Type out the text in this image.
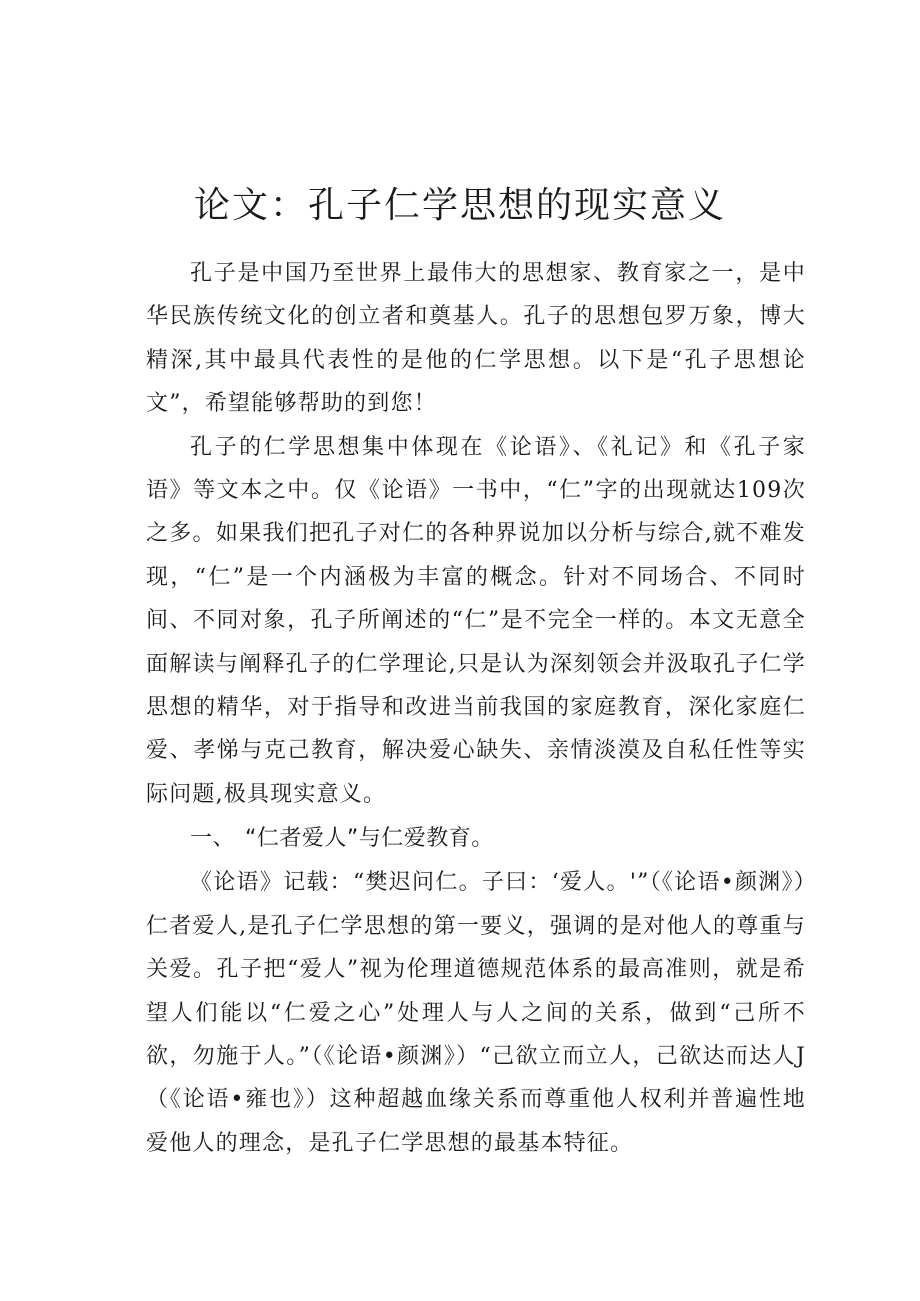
论文：孔子仁学思想的现实意义

孔子是中国乃至世界上最伟大的思想家、教育家之一，是中华民族传统文化的创立者和奠基人。孔子的思想包罗万象，博大精深,其中最具代表性的是他的仁学思想。以下是“孔子思想论文”，希望能够帮助的到您！

孔子的仁学思想集中体现在《论语》、《礼记》和《孔子家语》等文本之中。仅《论语》一书中，“仁”字的出现就达109次之多。如果我们把孔子对仁的各种界说加以分析与综合,就不难发现，“仁”是一个内涵极为丰富的概念。针对不同场合、不同时间、不同对象，孔子所阐述的“仁”是不完全一样的。本文无意全面解读与阐释孔子的仁学理论,只是认为深刻领会并汲取孔子仁学思想的精华，对于指导和改进当前我国的家庭教育，深化家庭仁爱、孝悌与克己教育，解决爱心缺失、亲情淡漠及自私任性等实际问题,极具现实意义。

一、 “仁者爱人”与仁爱教育。

《论语》记载：“樊迟问仁。子曰：‘爱人。'”（《论语•颜渊》）仁者爱人,是孔子仁学思想的第一要义，强调的是对他人的尊重与关爱。孔子把“爱人”视为伦理道德规范体系的最高准则，就是希望人们能以“仁爱之心”处理人与人之间的关系，做到“己所不欲，勿施于人。”（《论语•颜渊》）“己欲立而立人，己欲达而达人J（《论语•雍也》）这种超越血缘关系而尊重他人权利并普遍性地爱他人的理念，是孔子仁学思想的最基本特征。
